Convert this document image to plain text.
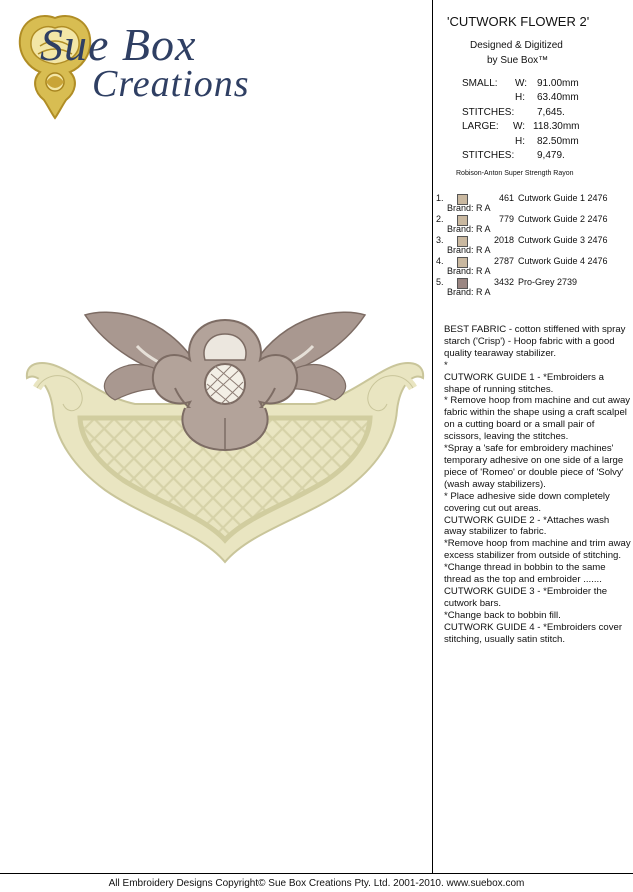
Sue Box
Creations
'CUTWORK FLOWER 2'
Designed & Digitized
by Sue Box™
SMALL: W: 91.00mm
H: 63.40mm
STITCHES: 7,645.
LARGE: W: 118.30mm
H: 82.50mm
STITCHES: 9,479.
Robison-Anton Super Strength Rayon
1.	461 Cutwork Guide 1 2476
Brand: R A
2.	779 Cutwork Guide 2 2476
Brand: R A
3.	2018 Cutwork Guide 3 2476
Brand: R A
4.	2787 Cutwork Guide 4 2476
Brand: R A
5.	3432 Pro-Grey 2739
Brand: R A

BEST FABRIC - cotton stiffened with spray starch ('Crisp') - Hoop fabric with a good quality tearaway stabilizer.

*

CUTWORK GUIDE 1 - *Embroiders a shape of running stitches.

* Remove hoop from machine and cut away fabric within the shape using a craft scalpel on a cutting board or a small pair of scissors, leaving the stitches.

*Spray a 'safe for embroidery machines' temporary adhesive on one side of a large piece of 'Romeo' or double piece of 'Solvy' (wash away stabilizers).

* Place adhesive side down completely covering cut out areas.

CUTWORK GUIDE 2 - *Attaches wash away stabilizer to fabric.

*Remove hoop from machine and trim away excess stabilizer from outside of stitching.

*Change thread in bobbin to the same thread as the top and embroider .......

CUTWORK GUIDE 3 - *Embroider the cutwork bars.

*Change back to bobbin fill.

CUTWORK GUIDE 4 - *Embroiders cover stitching, usually satin stitch.

All Embroidery Designs Copyright© Sue Box Creations Pty. Ltd. 2001-2010. www.suebox.com
